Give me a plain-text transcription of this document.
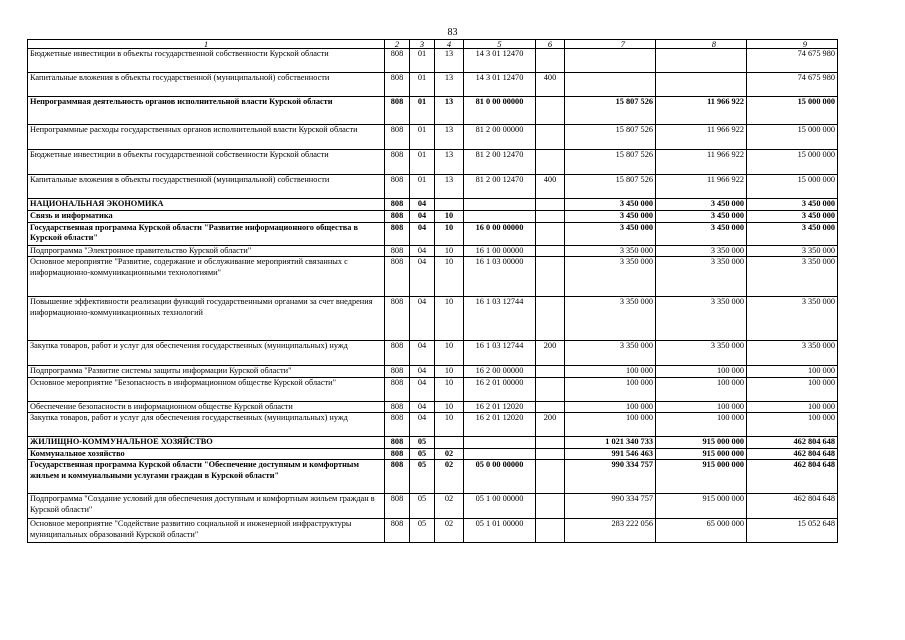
83
1	2	3	4	5	6	7	8	9
Бюджетные инвестиции в объекты государственной собственности Курской области	808	01	13	14 3 01 12470				74 675 980
Капитальные вложения в объекты государственной (муниципальной) собственности	808	01	13	14 3 01 12470	400			74 675 980
Непрограммная деятельность органов исполнительной власти Курской области	808	01	13	81 0 00 00000		15 807 526	11 966 922	15 000 000
Непрограммные расходы государственных органов исполнительной власти Курской области	808	01	13	81 2 00 00000		15 807 526	11 966 922	15 000 000
Бюджетные инвестиции в объекты государственной собственности Курской области	808	01	13	81 2 00 12470		15 807 526	11 966 922	15 000 000
Капитальные вложения в объекты государственной (муниципальной) собственности	808	01	13	81 2 00 12470	400	15 807 526	11 966 922	15 000 000
НАЦИОНАЛЬНАЯ ЭКОНОМИКА	808	04				3 450 000	3 450 000	3 450 000
Связь и информатика	808	04	10			3 450 000	3 450 000	3 450 000
Государственная программа Курской области "Развитие информационного общества в Курской области"	808	04	10	16 0 00 00000		3 450 000	3 450 000	3 450 000
Подпрограмма "Электронное правительство Курской области"	808	04	10	16 1 00 00000		3 350 000	3 350 000	3 350 000
Основное мероприятие "Развитие, содержание и обслуживание мероприятий связанных с информационно-коммуникационными технологиями"	808	04	10	16 1 03 00000		3 350 000	3 350 000	3 350 000
Повышение эффективности реализации функций государственными органами за счет внедрения информационно-коммуникационных технологий	808	04	10	16 1 03 12744		3 350 000	3 350 000	3 350 000
Закупка товаров, работ и услуг для обеспечения государственных (муниципальных) нужд	808	04	10	16 1 03 12744	200	3 350 000	3 350 000	3 350 000
Подпрограмма "Развитие системы защиты информации Курской области"	808	04	10	16 2 00 00000		100 000	100 000	100 000
Основное мероприятие "Безопасность в информационном обществе Курской области"	808	04	10	16 2 01 00000		100 000	100 000	100 000
Обеспечение безопасности в информационном обществе Курской области	808	04	10	16 2 01 12020		100 000	100 000	100 000
Закупка товаров, работ и услуг для обеспечения государственных (муниципальных) нужд	808	04	10	16 2 01 12020	200	100 000	100 000	100 000
ЖИЛИЩНО-КОММУНАЛЬНОЕ ХОЗЯЙСТВО	808	05				1 021 340 733	915 000 000	462 804 648
Коммунальное хозяйство	808	05	02			991 546 463	915 000 000	462 804 648
Государственная программа Курской области "Обеспечение доступным и комфортным жильем и коммунальными услугами граждан в Курской области"	808	05	02	05 0 00 00000		990 334 757	915 000 000	462 804 648
Подпрограмма "Создание условий для обеспечения доступным и комфортным жильем граждан в Курской области"	808	05	02	05 1 00 00000		990 334 757	915 000 000	462 804 648
Основное мероприятие "Содействие развитию социальной и инженерной инфраструктуры муниципальных образований Курской области"	808	05	02	05 1 01 00000		283 222 056	65 000 000	15 052 648
